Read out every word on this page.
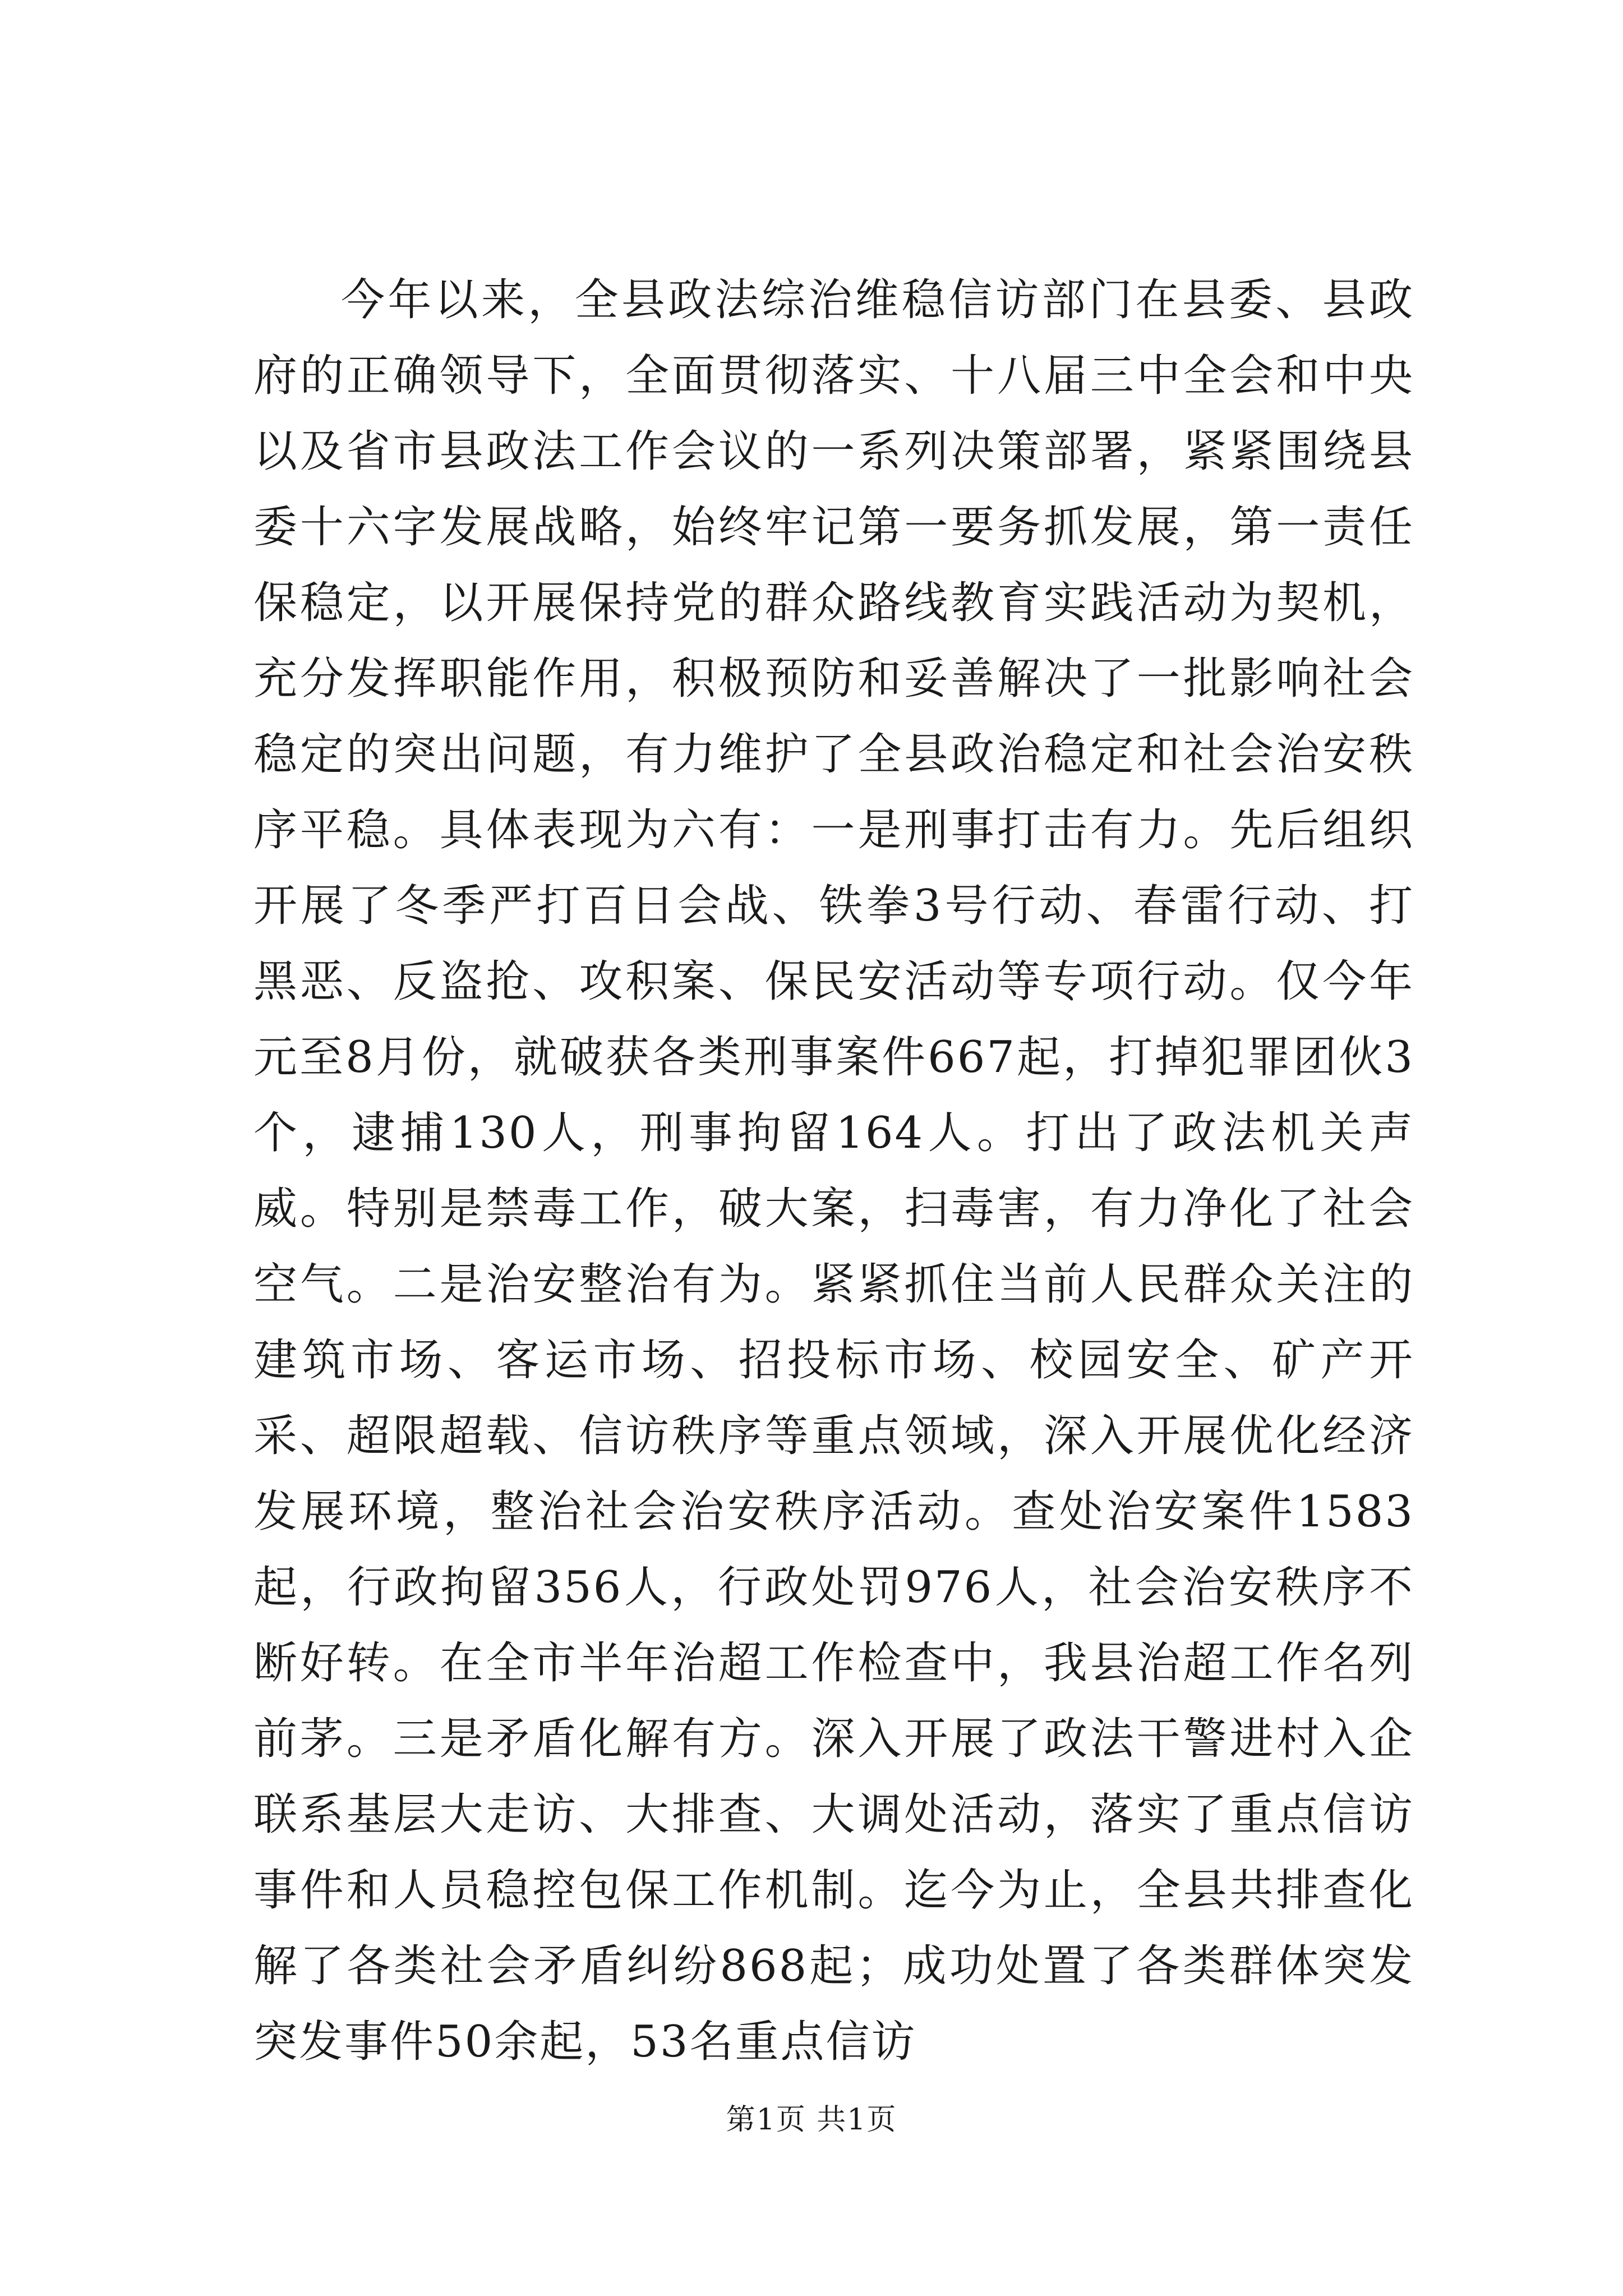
今年以来，全县政法综治维稳信访部门在县委、县政府的正确领导下，全面贯彻落实、十八届三中全会和中央以及省市县政法工作会议的一系列决策部署，紧紧围绕县委十六字发展战略，始终牢记第一要务抓发展，第一责任保稳定，以开展保持党的群众路线教育实践活动为契机，充分发挥职能作用，积极预防和妥善解决了一批影响社会稳定的突出问题，有力维护了全县政治稳定和社会治安秩序平稳。具体表现为六有：一是刑事打击有力。先后组织开展了冬季严打百日会战、铁拳3号行动、春雷行动、打黑恶、反盗抢、攻积案、保民安活动等专项行动。仅今年元至8月份，就破获各类刑事案件667起，打掉犯罪团伙3个，逮捕130人，刑事拘留164人。打出了政法机关声威。特别是禁毒工作，破大案，扫毒害，有力净化了社会空气。二是治安整治有为。紧紧抓住当前人民群众关注的建筑市场、客运市场、招投标市场、校园安全、矿产开采、超限超载、信访秩序等重点领域，深入开展优化经济发展环境，整治社会治安秩序活动。查处治安案件1583起，行政拘留356人，行政处罚976人，社会治安秩序不断好转。在全市半年治超工作检查中，我县治超工作名列前茅。三是矛盾化解有方。深入开展了政法干警进村入企联系基层大走访、大排查、大调处活动，落实了重点信访事件和人员稳控包保工作机制。迄今为止，全县共排查化解了各类社会矛盾纠纷868起；成功处置了各类群体突发突发事件50余起，53名重点信访

第1页 共1页
